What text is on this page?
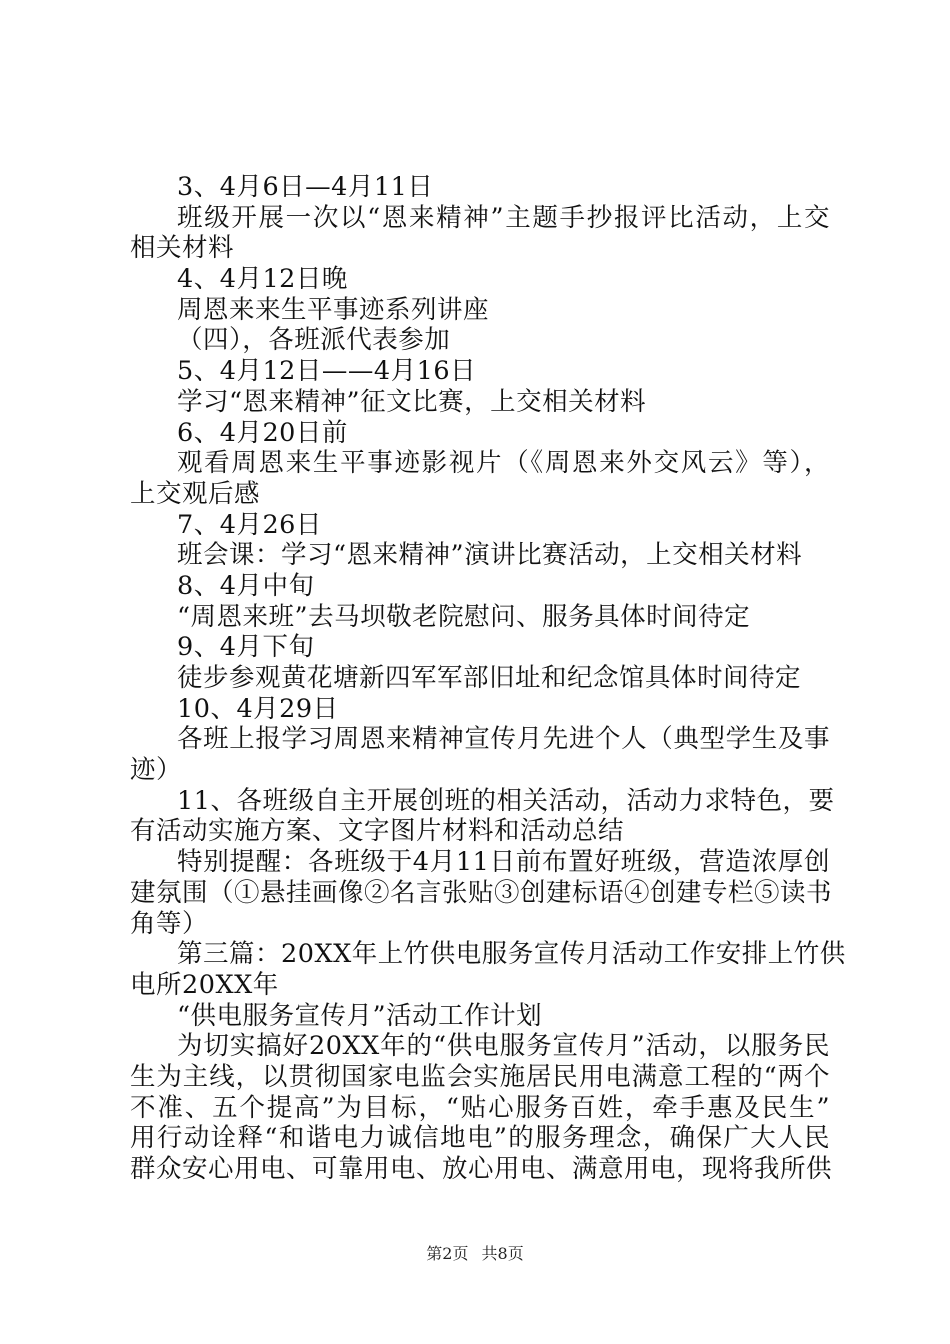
3、4月6日—4月11日
班级开展一次以“恩来精神”主题手抄报评比活动，上交
相关材料
4、4月12日晚
周恩来来生平事迹系列讲座
（四），各班派代表参加
5、4月12日——4月16日
学习“恩来精神”征文比赛，上交相关材料
6、4月20日前
观看周恩来生平事迹影视片（《周恩来外交风云》等），
上交观后感
7、4月26日
班会课：学习“恩来精神”演讲比赛活动，上交相关材料
8、4月中旬
“周恩来班”去马坝敬老院慰问、服务具体时间待定
9、4月下旬
徒步参观黄花塘新四军军部旧址和纪念馆具体时间待定
10、4月29日
各班上报学习周恩来精神宣传月先进个人（典型学生及事
迹）
11、各班级自主开展创班的相关活动，活动力求特色，要
有活动实施方案、文字图片材料和活动总结
特别提醒：各班级于4月11日前布置好班级，营造浓厚创
建氛围（①悬挂画像②名言张贴③创建标语④创建专栏⑤读书
角等）
第三篇：20XX年上竹供电服务宣传月活动工作安排上竹供
电所20XX年
“供电服务宣传月”活动工作计划
为切实搞好20XX年的“供电服务宣传月”活动，以服务民
生为主线，以贯彻国家电监会实施居民用电满意工程的“两个
不准、五个提高”为目标，“贴心服务百姓，牵手惠及民生”
用行动诠释“和谐电力诚信地电”的服务理念，确保广大人民
群众安心用电、可靠用电、放心用电、满意用电，现将我所供
第2页 共8页
